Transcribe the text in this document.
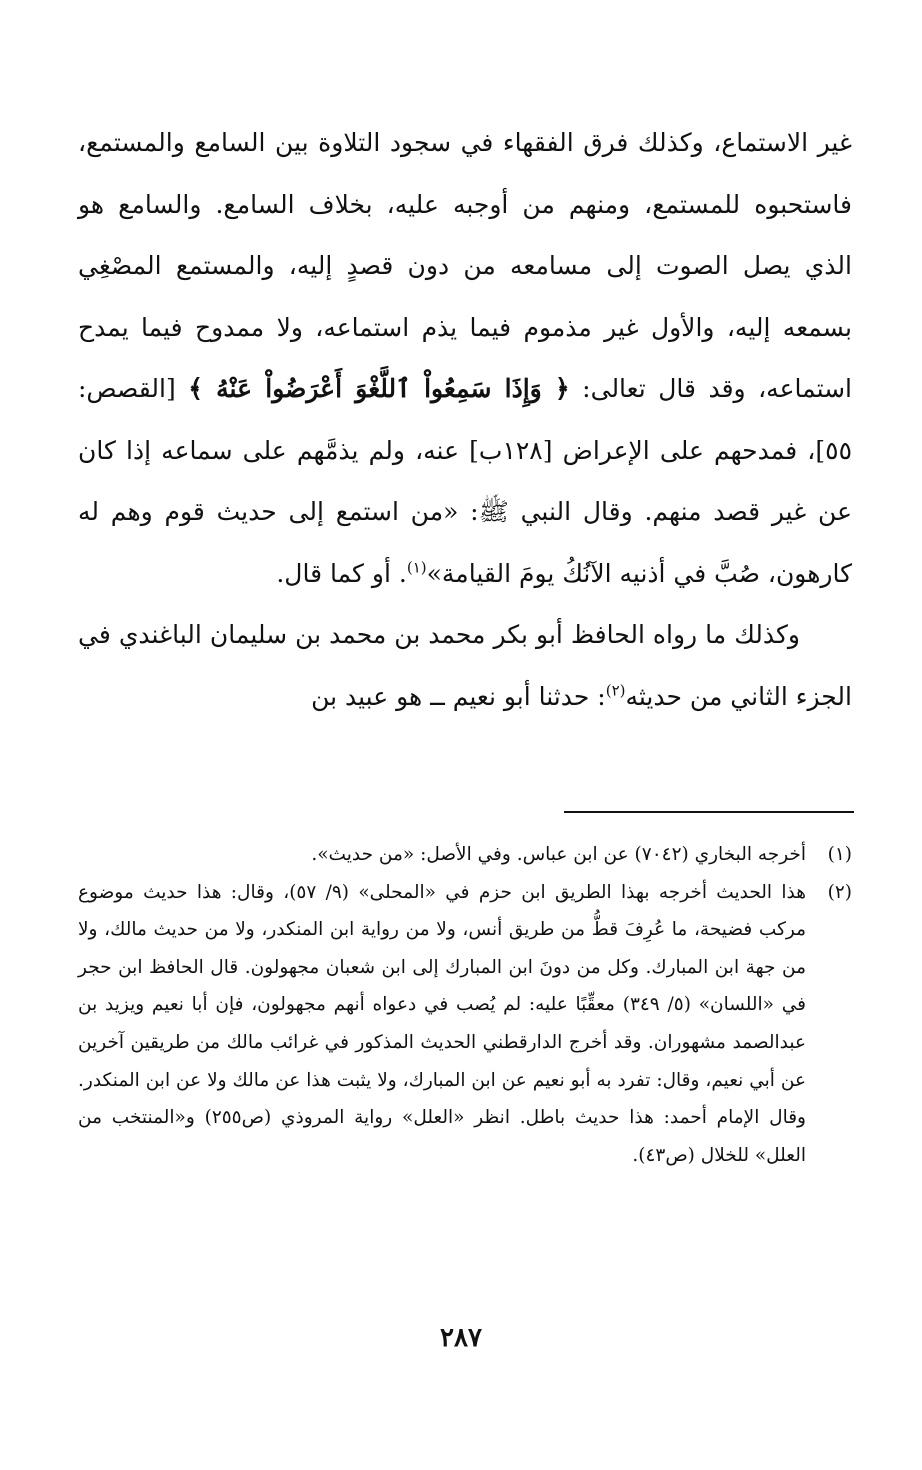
غير الاستماع، وكذلك فرق الفقهاء في سجود التلاوة بين السامع والمستمع، فاستحبوه للمستمع، ومنهم من أوجبه عليه، بخلاف السامع. والسامع هو الذي يصل الصوت إلى مسامعه من دون قصدٍ إليه، والمستمع المصْغِي بسمعه إليه، والأول غير مذموم فيما يذم استماعه، ولا ممدوح فيما يمدح استماعه، وقد قال تعالى: ﴿ وَإِذَا سَمِعُواْ ٱللَّغْوَ أَعْرَضُواْ عَنْهُ ﴾ [القصص: ٥٥]، فمدحهم على الإعراض [١٢٨ب] عنه، ولم يذمَّهم على سماعه إذا كان عن غير قصد منهم. وقال النبي ﷺ: «من استمع إلى حديث قوم وهم له كارهون، صُبَّ في أذنيه الآنُكُ يومَ القيامة»$^{(١)}$. أو كما قال.

وكذلك ما رواه الحافظ أبو بكر محمد بن محمد بن سليمان الباغندي في الجزء الثاني من حديثه$^{(٢)}$: حدثنا أبو نعيم ــ هو عبيد بن

(١)
أخرجه البخاري (٧٠٤٢) عن ابن عباس. وفي الأصل: «من حديث».
(٢)
هذا الحديث أخرجه بهذا الطريق ابن حزم في «المحلى» (٩/ ٥٧)، وقال: هذا حديث موضوع مركب فضيحة، ما عُرِفَ قطُّ من طريق أنس، ولا من رواية ابن المنكدر، ولا من حديث مالك، ولا من جهة ابن المبارك. وكل من دونَ ابن المبارك إلى ابن شعبان مجهولون. قال الحافظ ابن حجر في «اللسان» (٥/ ٣٤٩) معقِّبًا عليه: لم يُصب في دعواه أنهم مجهولون، فإن أبا نعيم ويزيد بن عبدالصمد مشهوران. وقد أخرج الدارقطني الحديث المذكور في غرائب مالك من طريقين آخرين عن أبي نعيم، وقال: تفرد به أبو نعيم عن ابن المبارك، ولا يثبت هذا عن مالك ولا عن ابن المنكدر. وقال الإمام أحمد: هذا حديث باطل. انظر «العلل» رواية المروذي (ص٢٥٥) و«المنتخب من العلل» للخلال (ص٤٣).
٢٨٧
